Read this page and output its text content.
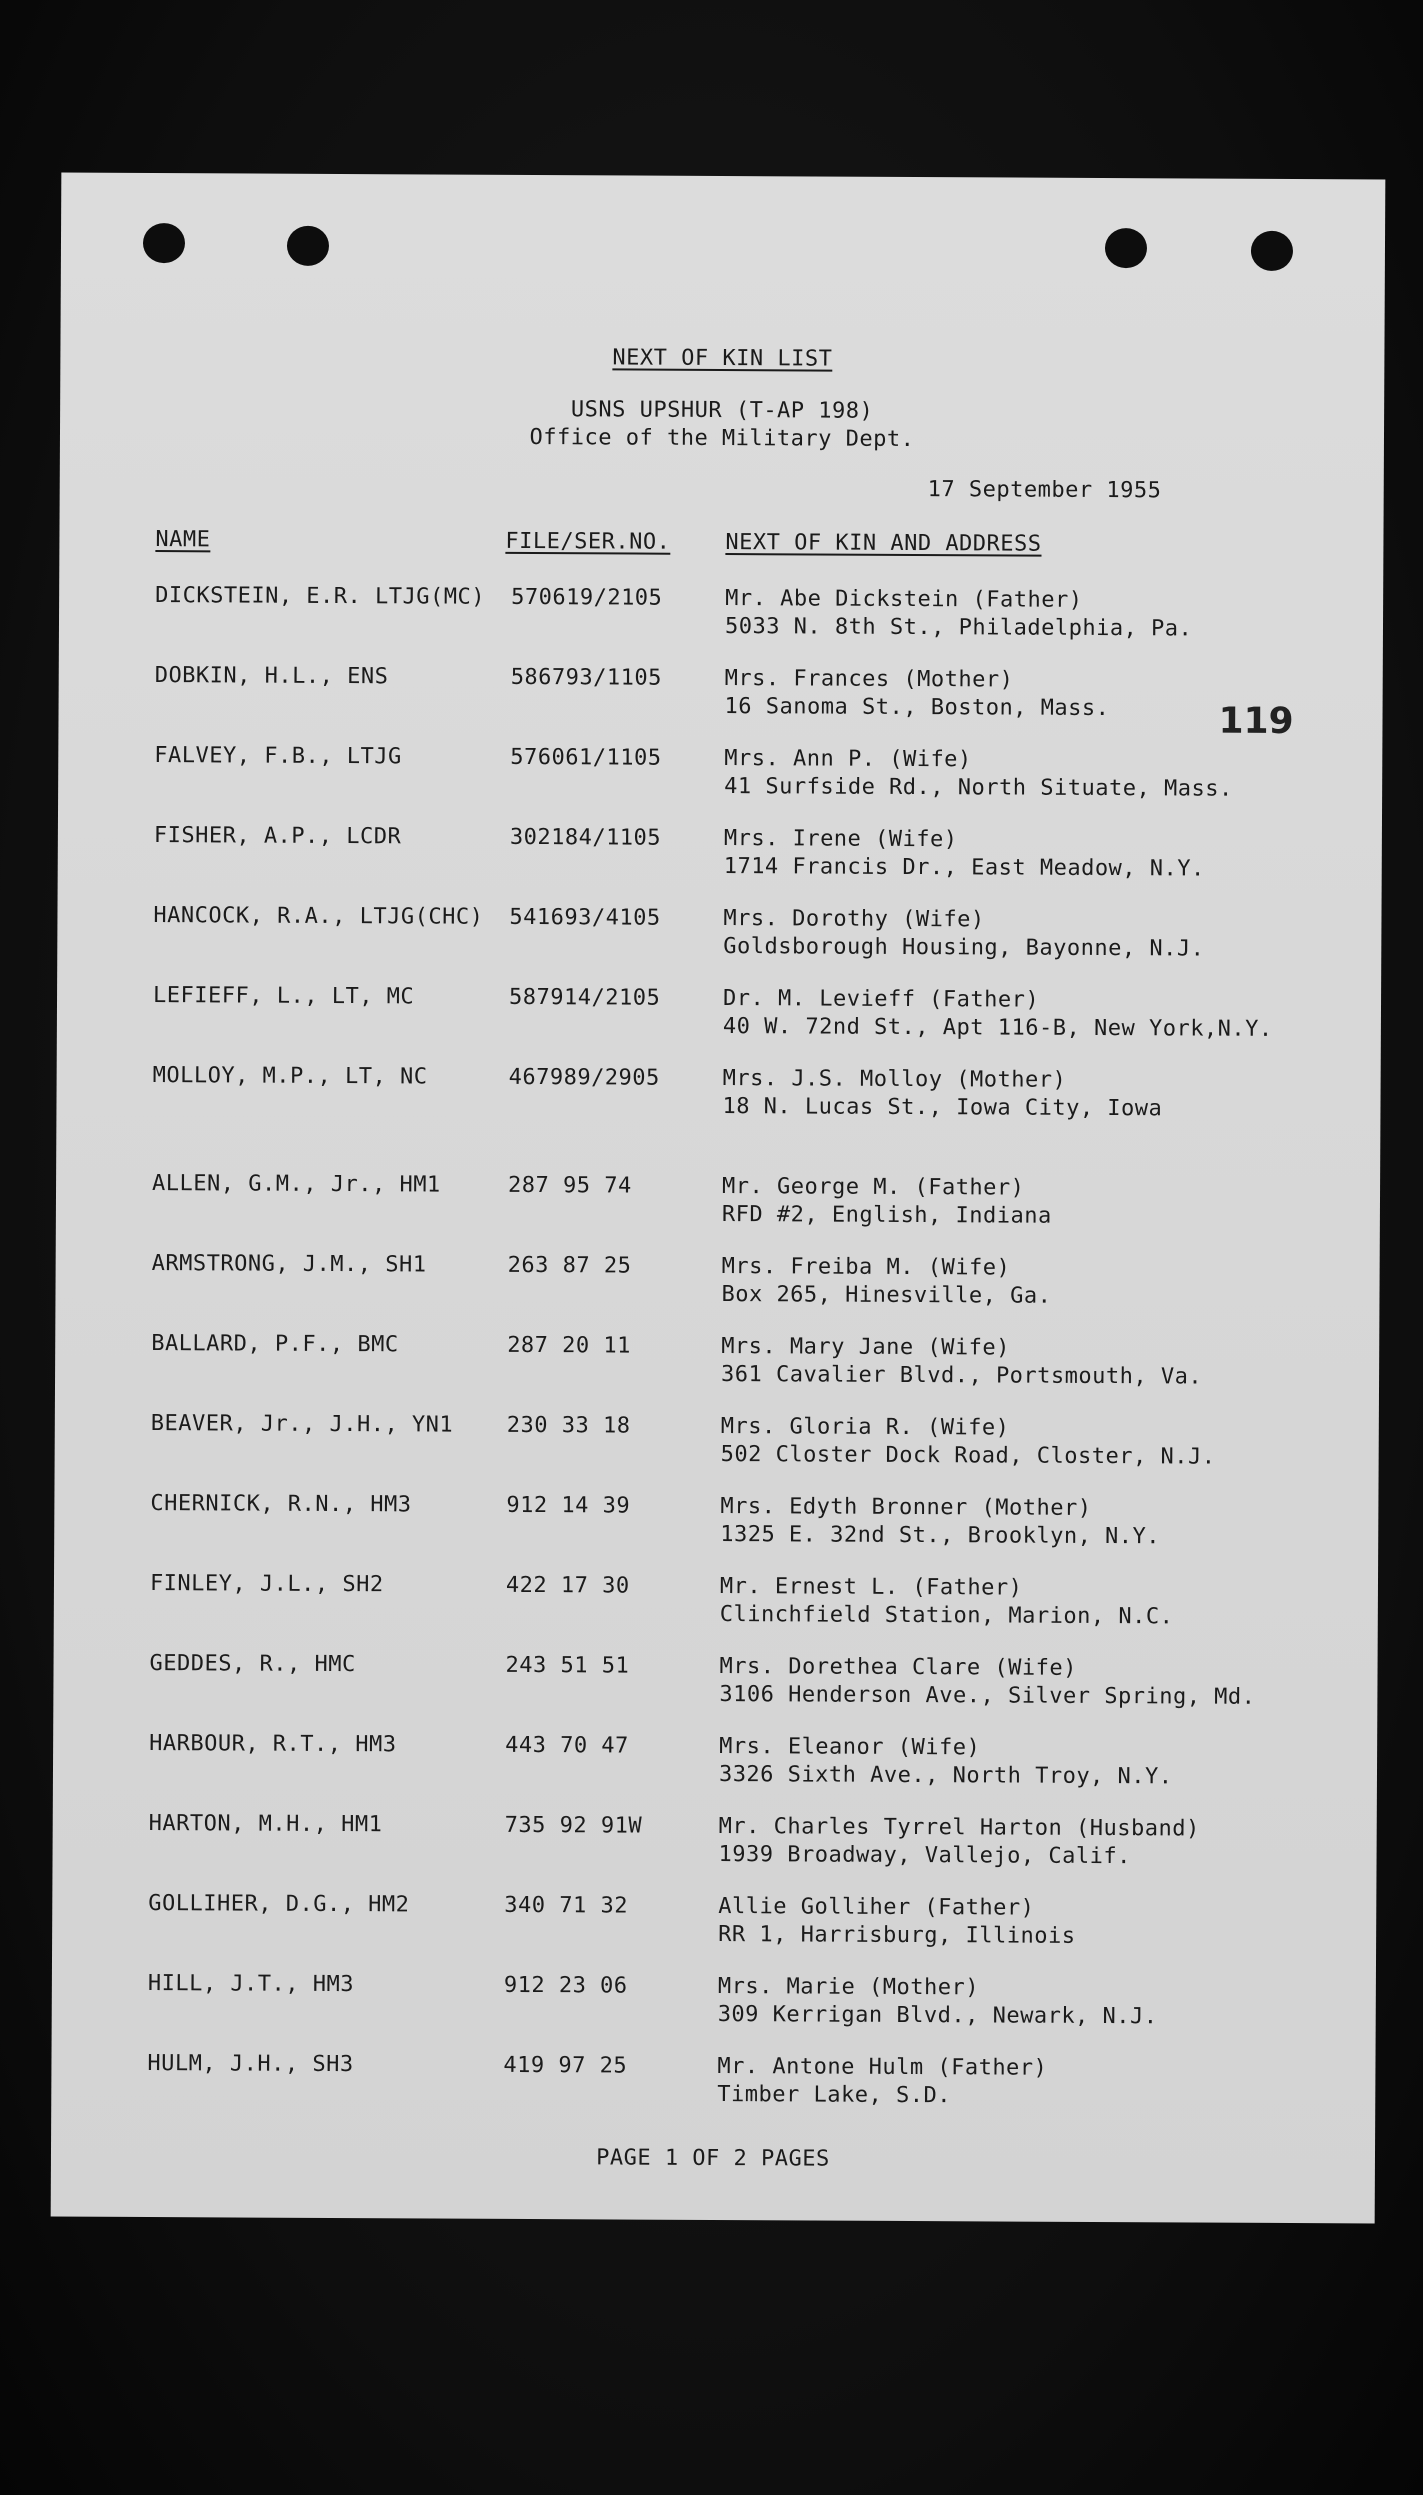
NEXT OF KIN LIST
USNS UPSHUR (T-AP 198)
Office of the Military Dept.
17 September 1955
NAME	FILE/SER.NO. NEXT OF KIN AND ADDRESS
119
DICKSTEIN, E.R. LTJG(MC) 570619/2105	Mr. Abe Dickstein (Father)
5033 N. 8th St., Philadelphia, Pa.
DOBKIN, H.L., ENS	586793/1105	Mrs. Frances (Mother)
16 Sanoma St., Boston, Mass.
FALVEY, F.B., LTJG	576061/1105	Mrs. Ann P. (Wife)
41 Surfside Rd., North Situate, Mass.
FISHER, A.P., LCDR	302184/1105	Mrs. Irene (Wife)
1714 Francis Dr., East Meadow, N.Y.
HANCOCK, R.A., LTJG(CHC) 541693/4105	Mrs. Dorothy (Wife)
Goldsborough Housing, Bayonne, N.J.
LEFIEFF, L., LT, MC	587914/2105	Dr. M. Levieff (Father)
40 W. 72nd St., Apt 116-B, New York,N.Y.
MOLLOY, M.P., LT, NC	467989/2905	Mrs. J.S. Molloy (Mother)
18 N. Lucas St., Iowa City, Iowa
ALLEN, G.M., Jr., HM1	287 95 74	Mr. George M. (Father)
RFD #2, English, Indiana
ARMSTRONG, J.M., SH1	263 87 25	Mrs. Freiba M. (Wife)
Box 265, Hinesville, Ga.
BALLARD, P.F., BMC	287 20 11	Mrs. Mary Jane (Wife)
361 Cavalier Blvd., Portsmouth, Va.
BEAVER, Jr., J.H., YN1 230 33 18	Mrs. Gloria R. (Wife)
502 Closter Dock Road, Closter, N.J.
CHERNICK, R.N., HM3	912 14 39	Mrs. Edyth Bronner (Mother)
1325 E. 32nd St., Brooklyn, N.Y.
FINLEY, J.L., SH2	422 17 30	Mr. Ernest L. (Father)
Clinchfield Station, Marion, N.C.
GEDDES, R., HMC	243 51 51	Mrs. Dorethea Clare (Wife)
3106 Henderson Ave., Silver Spring, Md.
HARBOUR, R.T., HM3	443 70 47	Mrs. Eleanor (Wife)
3326 Sixth Ave., North Troy, N.Y.
HARTON, M.H., HM1	735 92 91W	Mr. Charles Tyrrel Harton (Husband)
1939 Broadway, Vallejo, Calif.
GOLLIHER, D.G., HM2	340 71 32	Allie Golliher (Father)
RR 1, Harrisburg, Illinois
HILL, J.T., HM3	912 23 06	Mrs. Marie (Mother)
309 Kerrigan Blvd., Newark, N.J.
HULM, J.H., SH3	419 97 25	Mr. Antone Hulm (Father)
Timber Lake, S.D.
PAGE 1 OF 2 PAGES
